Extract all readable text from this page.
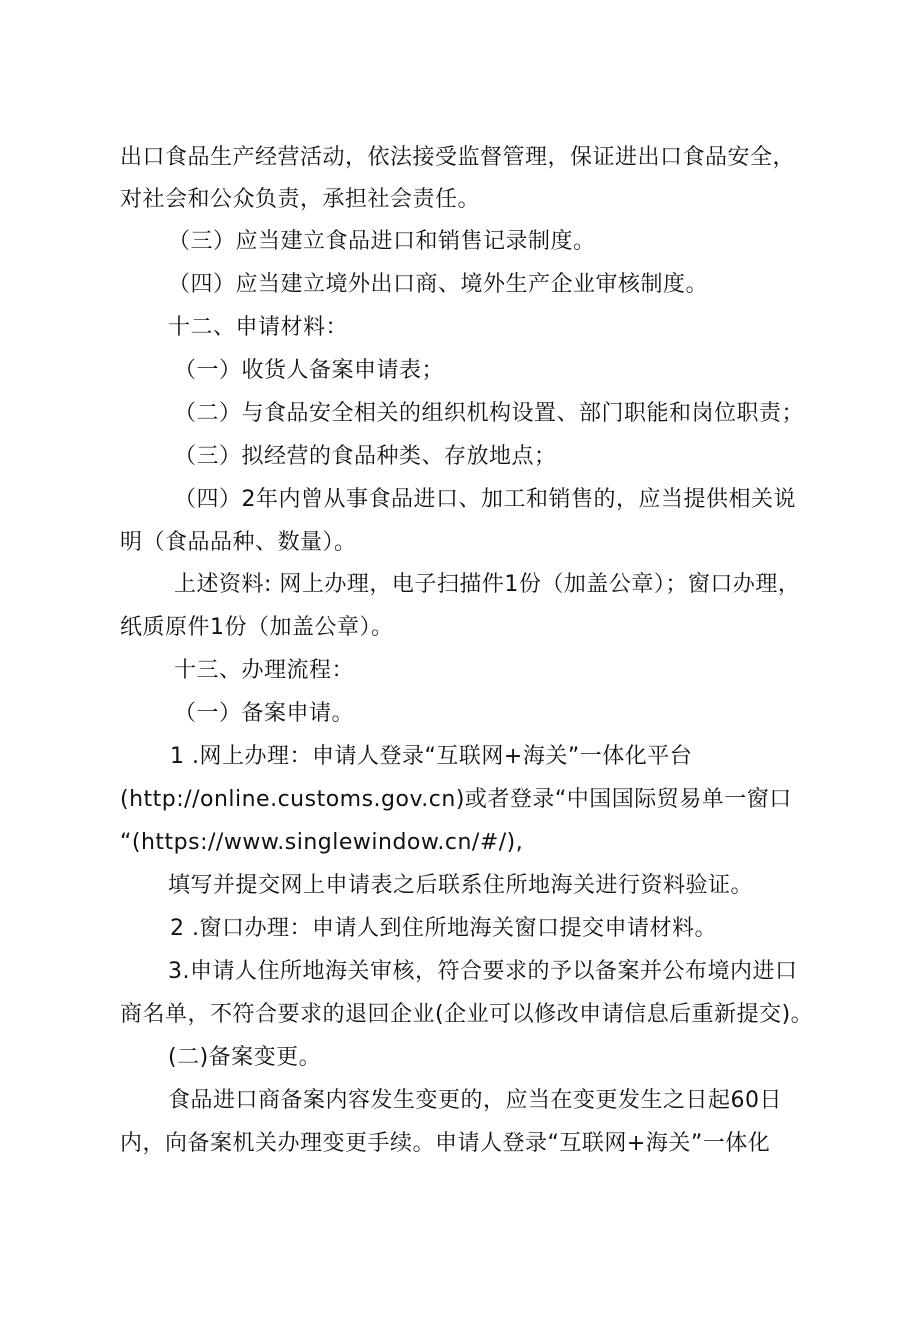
出口食品生产经营活动，依法接受监督管理，保证进出口食品安全，
对社会和公众负责，承担社会责任。
（三）应当建立食品进口和销售记录制度。
（四）应当建立境外出口商、境外生产企业审核制度。
十二、申请材料：
（一）收货人备案申请表；
（二）与食品安全相关的组织机构设置、部门职能和岗位职责；
（三）拟经营的食品种类、存放地点；
（四）2年内曾从事食品进口、加工和销售的，应当提供相关说
明（食品品种、数量）。
上述资料: 网上办理，电子扫描件1份（加盖公章）；窗口办理，
纸质原件1份（加盖公章）。
十三、办理流程：
（一）备案申请。
1 .网上办理：申请人登录“互联网+海关”一体化平台
(http://online.customs.gov.cn)或者登录“中国国际贸易单一窗口
“(https://www.singlewindow.cn/#/),
填写并提交网上申请表之后联系住所地海关进行资料验证。
2 .窗口办理：申请人到住所地海关窗口提交申请材料。
3.申请人住所地海关审核，符合要求的予以备案并公布境内进口
商名单，不符合要求的退回企业(企业可以修改申请信息后重新提交)。
(二)备案变更。
食品进口商备案内容发生变更的，应当在变更发生之日起60日
内，向备案机关办理变更手续。申请人登录“互联网+海关”一体化
